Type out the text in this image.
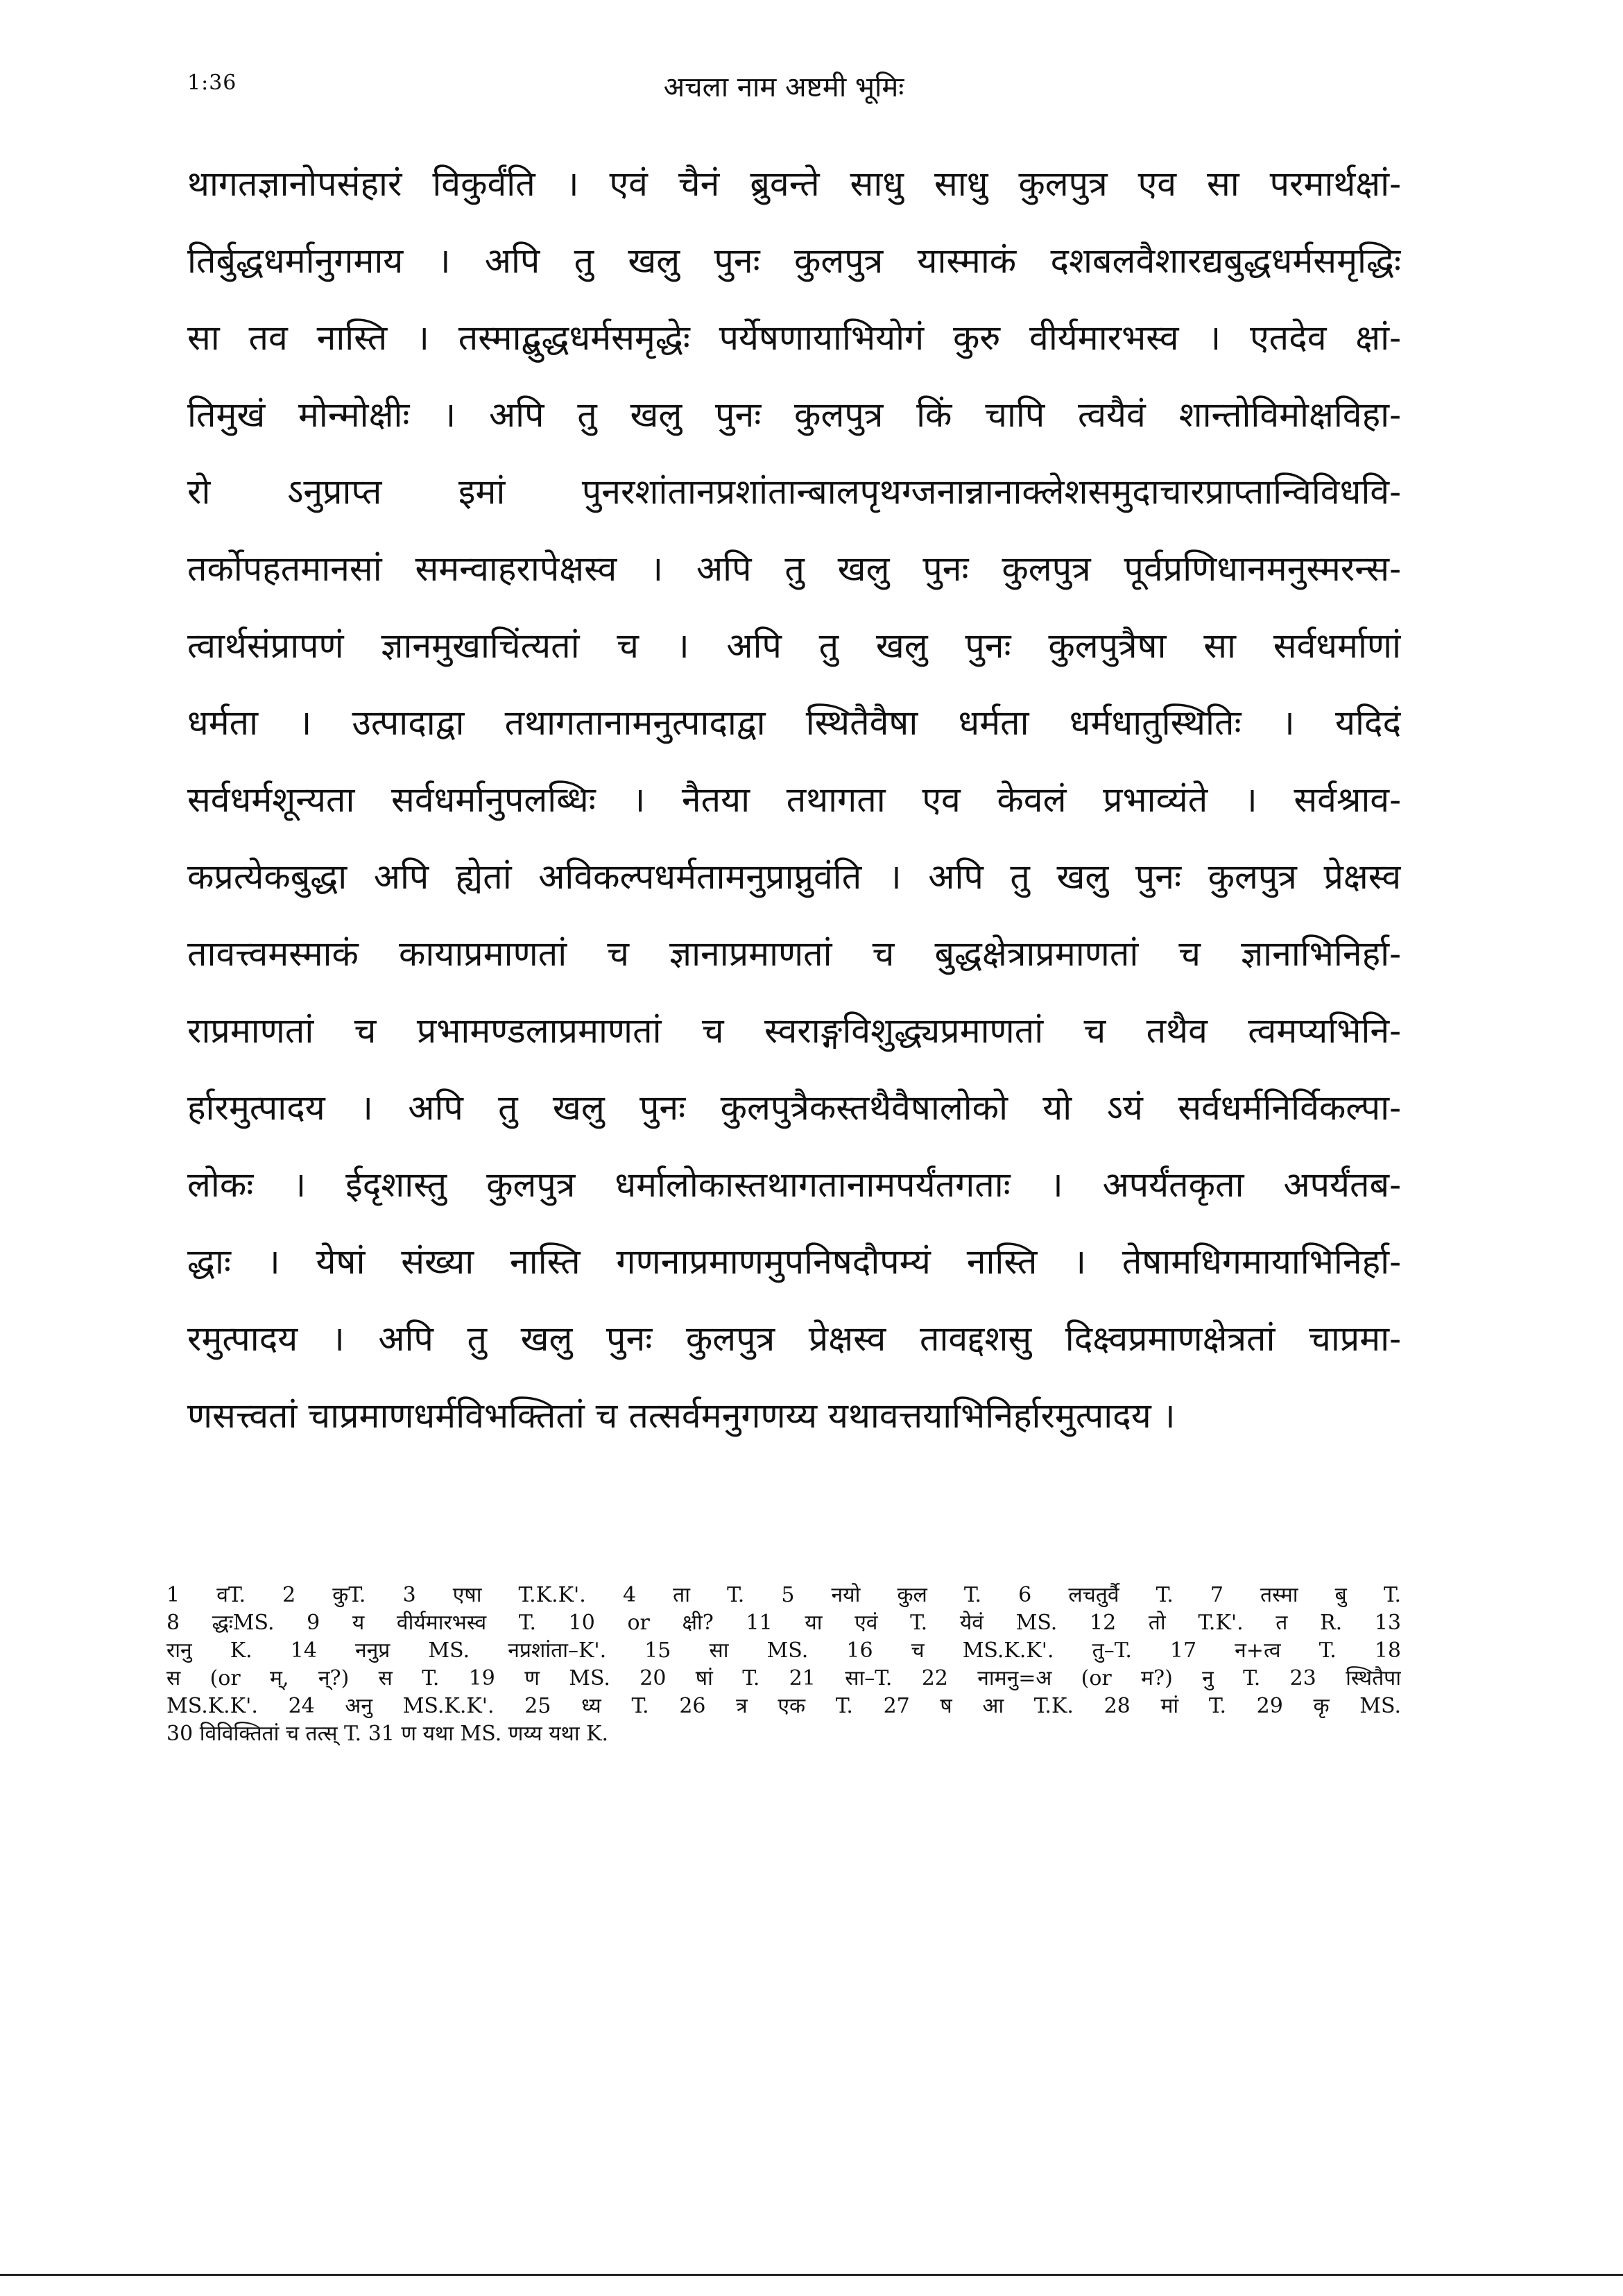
1:36	अचला नाम अष्टमी भूमिः
थागतज्ञानोपसंहारं विकुर्वंति । एवं चैनं ब्रुवन्ते साधु साधु कुलपुत्र एव सा परमार्थक्षां-
तिर्बुद्धधर्मानुगमाय । अपि तु खलु पुनः कुलपुत्र यास्माकं दशबलवैशारद्यबुद्धधर्मसमृद्धिः
सा तव नास्ति । तस्माद्बुद्धधर्मसमृद्धेः पर्येषणायाभियोगं कुरु वीर्यमारभस्व । एतदेव क्षां-
तिमुखं मोन्मोक्षीः । अपि तु खलु पुनः कुलपुत्र किं चापि त्वयैवं शान्तोविमोक्षविहा-
रो ऽनुप्राप्त इमां पुनरशांतानप्रशांतान्बालपृथग्जनान्नानाक्लेशसमुदाचारप्राप्तान्विविधवि-
तर्कोपहतमानसां समन्वाहरापेक्षस्व । अपि तु खलु पुनः कुलपुत्र पूर्वप्रणिधानमनुस्मरन्स-
त्वार्थसंप्रापणं ज्ञानमुखाचिंत्यतां च । अपि तु खलु पुनः कुलपुत्रैषा सा सर्वधर्माणां
धर्मता । उत्पादाद्वा तथागतानामनुत्पादाद्वा स्थितैवैषा धर्मता धर्मधातुस्थितिः । यदिदं
सर्वधर्मशून्यता सर्वधर्मानुपलब्धिः । नैतया तथागता एव केवलं प्रभाव्यंते । सर्वश्राव-
कप्रत्येकबुद्धा अपि ह्येतां अविकल्पधर्मतामनुप्राप्नुवंति । अपि तु खलु पुनः कुलपुत्र प्रेक्षस्व
तावत्त्वमस्माकं कायाप्रमाणतां च ज्ञानाप्रमाणतां च बुद्धक्षेत्राप्रमाणतां च ज्ञानाभिनिर्हा-
राप्रमाणतां च प्रभामण्डलाप्रमाणतां च स्वराङ्गविशुद्ध्यप्रमाणतां च तथैव त्वमप्यभिनि-
र्हारमुत्पादय । अपि तु खलु पुनः कुलपुत्रैकस्तथैवैषालोको यो ऽयं सर्वधर्मनिर्विकल्पा-
लोकः । ईदृशास्तु कुलपुत्र धर्मालोकास्तथागतानामपर्यंतगताः । अपर्यंतकृता अपर्यंतब-
द्धाः । येषां संख्या नास्ति गणनाप्रमाणमुपनिषदौपम्यं नास्ति । तेषामधिगमायाभिनिर्हा-
रमुत्पादय । अपि तु खलु पुनः कुलपुत्र प्रेक्षस्व तावद्दशसु दिक्ष्वप्रमाणक्षेत्रतां चाप्रमा-
णसत्त्वतां चाप्रमाणधर्मविभक्तितां च तत्सर्वमनुगणय्य यथावत्तयाभिनिर्हारमुत्पादय ।
1 वT. 2 कुT. 3 एषा T.K.K'. 4 ता T. 5 नयो कुल T. 6 लचतुर्वै T. 7 तस्मा बु T.
8 द्धःMS. 9 य वीर्यमारभस्व T. 10 or क्षी? 11 या एवं T. येवं MS. 12 तो T.K'. त R. 13
रानु K. 14 ननुप्र MS. नप्रशांता–K'. 15 सा MS. 16 च MS.K.K'. तु–T. 17 न+त्व T. 18
स (or म्, न्?) स T. 19 ण MS. 20 षां T. 21 सा–T. 22 नामनु=अ (or म?) नु T. 23 स्थितैपा
MS.K.K'. 24 अनु MS.K.K'. 25 ध्य T. 26 त्र एक T. 27 ष आ T.K. 28 मां T. 29 कृ MS.
30 विविक्तितां च तत्स् T. 31 ण यथा MS. णय्य यथा K.
